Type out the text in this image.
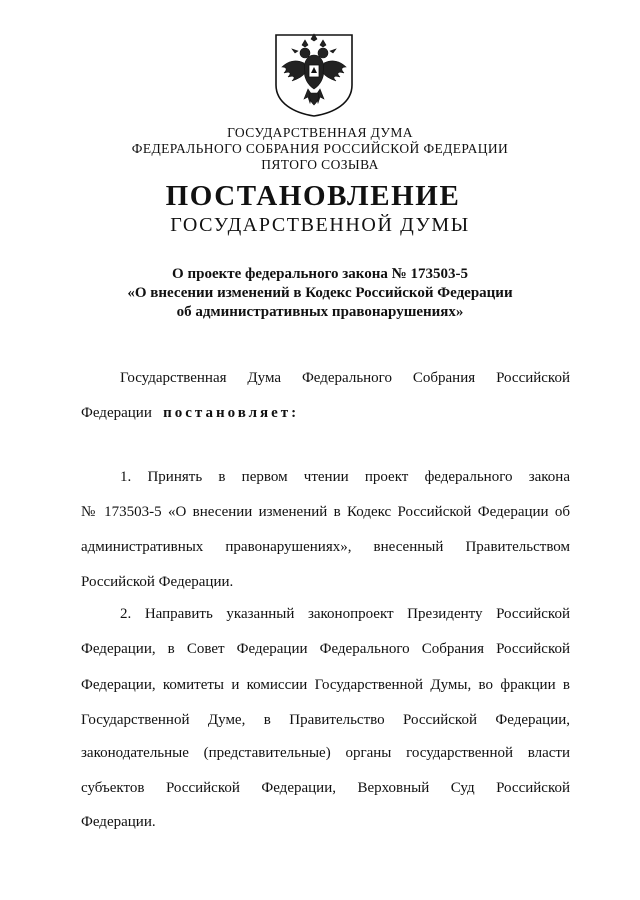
ГОСУДАРСТВЕННАЯ ДУМА
ФЕДЕРАЛЬНОГО СОБРАНИЯ РОССИЙСКОЙ ФЕДЕРАЦИИ
ПЯТОГО СОЗЫВА
ПОСТАНОВЛЕНИЕ
ГОСУДАРСТВЕННОЙ ДУМЫ
О проекте федерального закона № 173503-5
«О внесении изменений в Кодекс Российской Федерации
об административных правонарушениях»
Государственная Дума Федерального Собрания Российской
Федерации постановляет:
1. Принять в первом чтении проект федерального закона
№ 173503-5 «О внесении изменений в Кодекс Российской Федерации об
административных правонарушениях», внесенный Правительством
Российской Федерации.
2. Направить указанный законопроект Президенту Российской
Федерации, в Совет Федерации Федерального Собрания Российской
Федерации, комитеты и комиссии Государственной Думы, во фракции в
Государственной Думе, в Правительство Российской Федерации,
законодательные (представительные) органы государственной власти
субъектов Российской Федерации, Верховный Суд Российской
Федерации.
